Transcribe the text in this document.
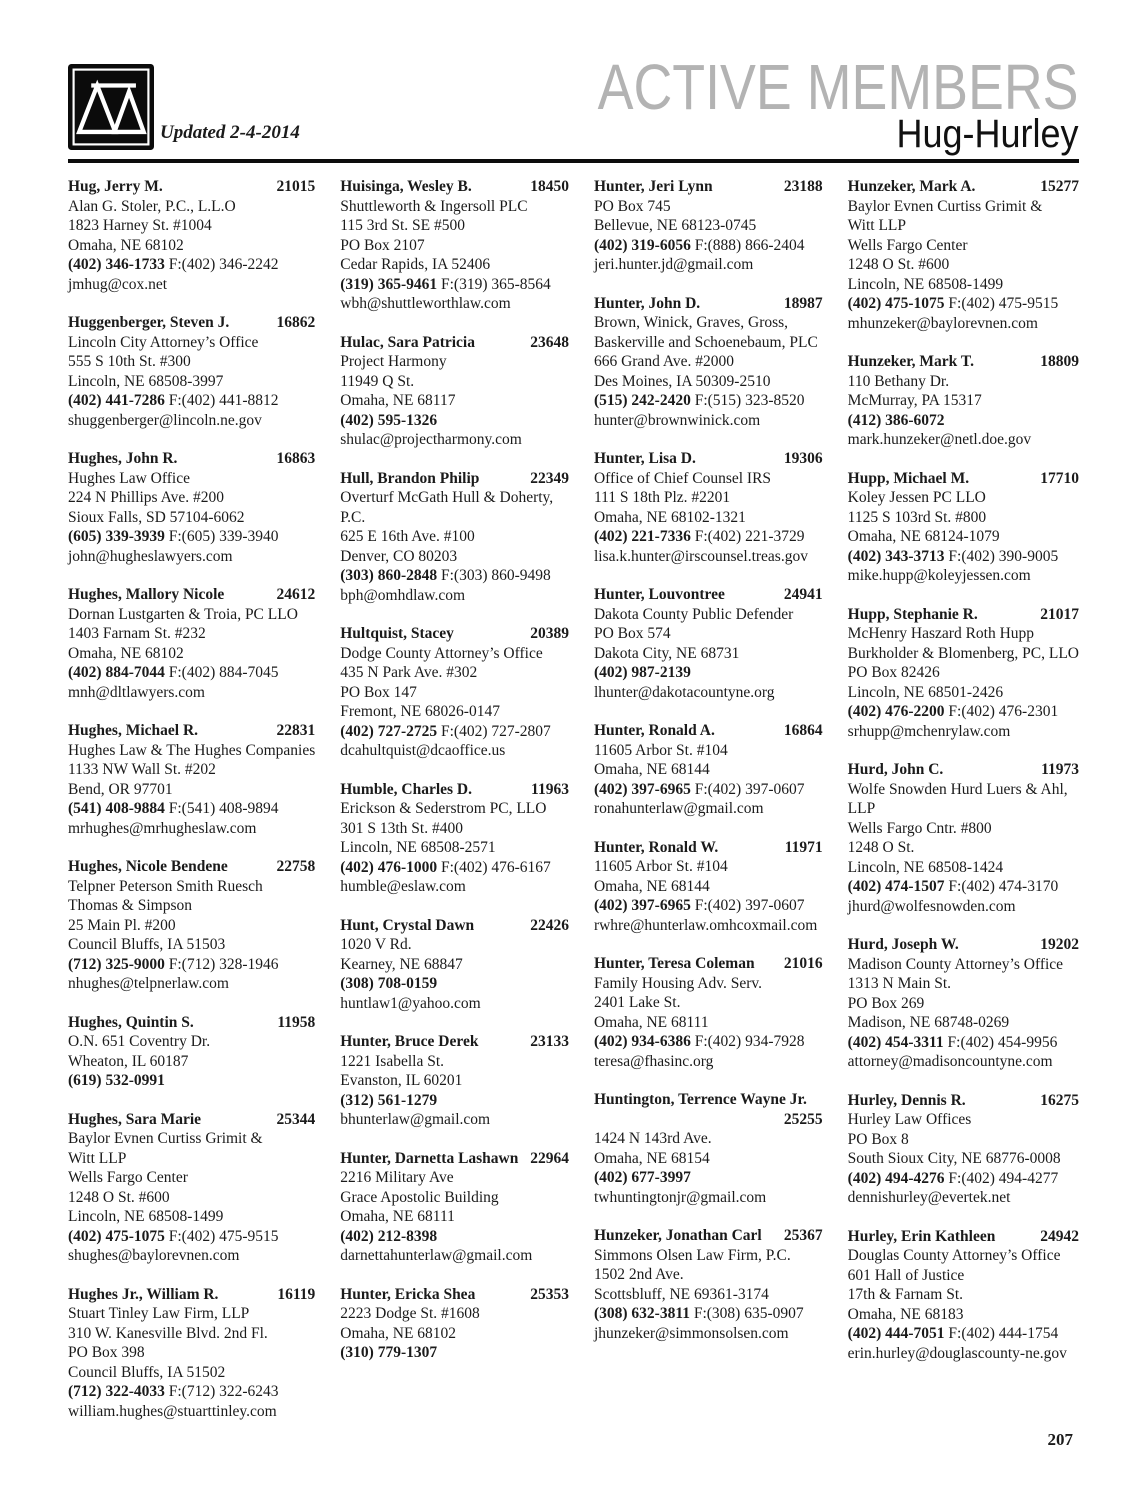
Updated 2-4-2014
ACTIVE MEMBERS
Hug-Hurley
Hug, Jerry M.	21015
Alan G. Stoler, P.C., L.L.O
1823 Harney St. #1004
Omaha, NE 68102
(402) 346-1733 F:(402) 346-2242
jmhug@cox.net
Huggenberger, Steven J.	16862
Lincoln City Attorney’s Office
555 S 10th St. #300
Lincoln, NE 68508-3997
(402) 441-7286 F:(402) 441-8812
shuggenberger@lincoln.ne.gov
Hughes, John R.	16863
Hughes Law Office
224 N Phillips Ave. #200
Sioux Falls, SD 57104-6062
(605) 339-3939 F:(605) 339-3940
john@hugheslawyers.com
Hughes, Mallory Nicole	24612
Dornan Lustgarten & Troia, PC LLO
1403 Farnam St. #232
Omaha, NE 68102
(402) 884-7044 F:(402) 884-7045
mnh@dltlawyers.com
Hughes, Michael R.	22831
Hughes Law & The Hughes Companies
1133 NW Wall St. #202
Bend, OR 97701
(541) 408-9884 F:(541) 408-9894
mrhughes@mrhugheslaw.com
Hughes, Nicole Bendene	22758
Telpner Peterson Smith Ruesch
Thomas & Simpson
25 Main Pl. #200
Council Bluffs, IA 51503
(712) 325-9000 F:(712) 328-1946
nhughes@telpnerlaw.com
Hughes, Quintin S.	11958
O.N. 651 Coventry Dr.
Wheaton, IL 60187
(619) 532-0991
Hughes, Sara Marie	25344
Baylor Evnen Curtiss Grimit &
Witt LLP
Wells Fargo Center
1248 O St. #600
Lincoln, NE 68508-1499
(402) 475-1075 F:(402) 475-9515
shughes@baylorevnen.com
Hughes Jr., William R.	16119
Stuart Tinley Law Firm, LLP
310 W. Kanesville Blvd. 2nd Fl.
PO Box 398
Council Bluffs, IA 51502
(712) 322-4033 F:(712) 322-6243
william.hughes@stuarttinley.com
Huisinga, Wesley B.	18450
Shuttleworth & Ingersoll PLC
115 3rd St. SE #500
PO Box 2107
Cedar Rapids, IA 52406
(319) 365-9461 F:(319) 365-8564
wbh@shuttleworthlaw.com
Hulac, Sara Patricia	23648
Project Harmony
11949 Q St.
Omaha, NE 68117
(402) 595-1326
shulac@projectharmony.com
Hull, Brandon Philip	22349
Overturf McGath Hull & Doherty,
P.C.
625 E 16th Ave. #100
Denver, CO 80203
(303) 860-2848 F:(303) 860-9498
bph@omhdlaw.com
Hultquist, Stacey	20389
Dodge County Attorney’s Office
435 N Park Ave. #302
PO Box 147
Fremont, NE 68026-0147
(402) 727-2725 F:(402) 727-2807
dcahultquist@dcaoffice.us
Humble, Charles D.	11963
Erickson & Sederstrom PC, LLO
301 S 13th St. #400
Lincoln, NE 68508-2571
(402) 476-1000 F:(402) 476-6167
humble@eslaw.com
Hunt, Crystal Dawn	22426
1020 V Rd.
Kearney, NE 68847
(308) 708-0159
huntlaw1@yahoo.com
Hunter, Bruce Derek	23133
1221 Isabella St.
Evanston, IL 60201
(312) 561-1279
bhunterlaw@gmail.com
Hunter, Darnetta Lashawn 22964
2216 Military Ave
Grace Apostolic Building
Omaha, NE 68111
(402) 212-8398
darnettahunterlaw@gmail.com
Hunter, Ericka Shea	25353
2223 Dodge St. #1608
Omaha, NE 68102
(310) 779-1307
Hunter, Jeri Lynn	23188
PO Box 745
Bellevue, NE 68123-0745
(402) 319-6056 F:(888) 866-2404
jeri.hunter.jd@gmail.com
Hunter, John D.	18987
Brown, Winick, Graves, Gross,
Baskerville and Schoenebaum, PLC
666 Grand Ave. #2000
Des Moines, IA 50309-2510
(515) 242-2420 F:(515) 323-8520
hunter@brownwinick.com
Hunter, Lisa D.	19306
Office of Chief Counsel IRS
111 S 18th Plz. #2201
Omaha, NE 68102-1321
(402) 221-7336 F:(402) 221-3729
lisa.k.hunter@irscounsel.treas.gov
Hunter, Louvontree	24941
Dakota County Public Defender
PO Box 574
Dakota City, NE 68731
(402) 987-2139
lhunter@dakotacountyne.org
Hunter, Ronald A.	16864
11605 Arbor St. #104
Omaha, NE 68144
(402) 397-6965 F:(402) 397-0607
ronahunterlaw@gmail.com
Hunter, Ronald W.	11971
11605 Arbor St. #104
Omaha, NE 68144
(402) 397-6965 F:(402) 397-0607
rwhre@hunterlaw.omhcoxmail.com
Hunter, Teresa Coleman	21016
Family Housing Adv. Serv.
2401 Lake St.
Omaha, NE 68111
(402) 934-6386 F:(402) 934-7928
teresa@fhasinc.org
Huntington, Terrence Wayne Jr.
25255
1424 N 143rd Ave.
Omaha, NE 68154
(402) 677-3997
twhuntingtonjr@gmail.com
Hunzeker, Jonathan Carl	25367
Simmons Olsen Law Firm, P.C.
1502 2nd Ave.
Scottsbluff, NE 69361-3174
(308) 632-3811 F:(308) 635-0907
jhunzeker@simmonsolsen.com
Hunzeker, Mark A.	15277
Baylor Evnen Curtiss Grimit &
Witt LLP
Wells Fargo Center
1248 O St. #600
Lincoln, NE 68508-1499
(402) 475-1075 F:(402) 475-9515
mhunzeker@baylorevnen.com
Hunzeker, Mark T.	18809
110 Bethany Dr.
McMurray, PA 15317
(412) 386-6072
mark.hunzeker@netl.doe.gov
Hupp, Michael M.	17710
Koley Jessen PC LLO
1125 S 103rd St. #800
Omaha, NE 68124-1079
(402) 343-3713 F:(402) 390-9005
mike.hupp@koleyjessen.com
Hupp, Stephanie R.	21017
McHenry Haszard Roth Hupp
Burkholder & Blomenberg, PC, LLO
PO Box 82426
Lincoln, NE 68501-2426
(402) 476-2200 F:(402) 476-2301
srhupp@mchenrylaw.com
Hurd, John C.	11973
Wolfe Snowden Hurd Luers & Ahl,
LLP
Wells Fargo Cntr. #800
1248 O St.
Lincoln, NE 68508-1424
(402) 474-1507 F:(402) 474-3170
jhurd@wolfesnowden.com
Hurd, Joseph W.	19202
Madison County Attorney’s Office
1313 N Main St.
PO Box 269
Madison, NE 68748-0269
(402) 454-3311 F:(402) 454-9956
attorney@madisoncountyne.com
Hurley, Dennis R.	16275
Hurley Law Offices
PO Box 8
South Sioux City, NE 68776-0008
(402) 494-4276 F:(402) 494-4277
dennishurley@evertek.net
Hurley, Erin Kathleen	24942
Douglas County Attorney’s Office
601 Hall of Justice
17th & Farnam St.
Omaha, NE 68183
(402) 444-7051 F:(402) 444-1754
erin.hurley@douglascounty-ne.gov
207
